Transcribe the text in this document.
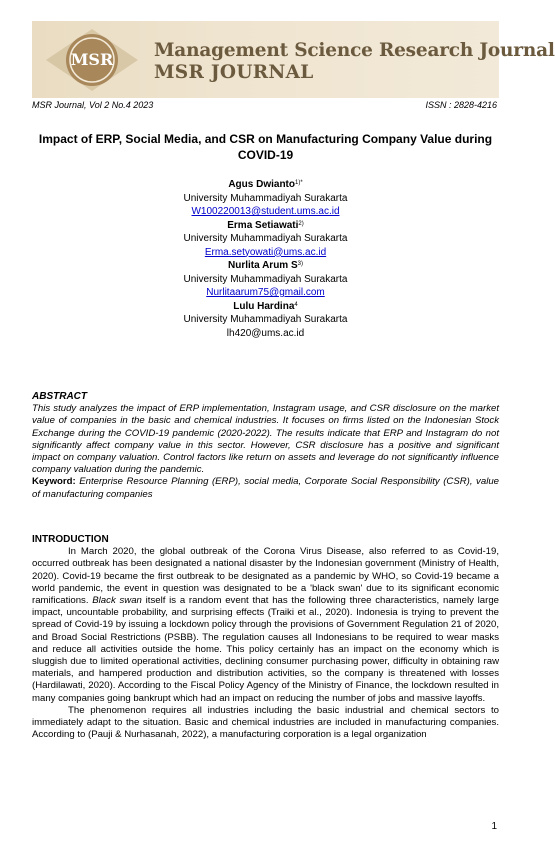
MSR Management Science Research Journal
MSR JOURNAL
MSR Journal, Vol 2 No.4 2023	ISSN : 2828-4216
Impact of ERP, Social Media, and CSR on Manufacturing Company Value during COVID-19
Agus Dwianto$^{1)*}$
University Muhammadiyah Surakarta
W100220013@student.ums.ac.id
Erma Setiawati$^{2)}$
University Muhammadiyah Surakarta
Erma.setyowati@ums.ac.id
Nurlita Arum $S^{3)}$
University Muhammadiyah Surakarta
Nurlitaarum75@gmail.com
Lulu Hardina$^4$
University Muhammadiyah Surakarta
lh420@ums.ac.id
ABSTRACT

This study analyzes the impact of ERP implementation, Instagram usage, and CSR disclosure on the market value of companies in the basic and chemical industries. It focuses on firms listed on the Indonesian Stock Exchange during the COVID-19 pandemic (2020-2022). The results indicate that ERP and Instagram do not significantly affect company value in this sector. However, CSR disclosure has a positive and significant impact on company valuation. Control factors like return on assets and leverage do not significantly influence company valuation during the pandemic.

Keyword: Enterprise Resource Planning (ERP), social media, Corporate Social Responsibility (CSR), value of manufacturing companies
INTRODUCTION

In March 2020, the global outbreak of the Corona Virus Disease, also referred to as Covid-19, occurred outbreak has been designated a national disaster by the Indonesian government (Ministry of Health, 2020). Covid-19 became the first outbreak to be designated as a pandemic by WHO, so Covid-19 became a world pandemic, the event in question was designated to be a 'black swan' due to its significant economic ramifications. Black swan itself is a random event that has the following three characteristics, namely large impact, uncountable probability, and surprising effects (Traiki et al., 2020). Indonesia is trying to prevent the spread of Covid-19 by issuing a lockdown policy through the provisions of Government Regulation 21 of 2020, and Broad Social Restrictions (PSBB). The regulation causes all Indonesians to be required to wear masks and reduce all activities outside the home. This policy certainly has an impact on the economy which is sluggish due to limited operational activities, declining consumer purchasing power, difficulty in obtaining raw materials, and hampered production and distribution activities, so the company is threatened with losses (Hardilawati, 2020). According to the Fiscal Policy Agency of the Ministry of Finance, the lockdown resulted in many companies going bankrupt which had an impact on reducing the number of jobs and massive layoffs.

The phenomenon requires all industries including the basic industrial and chemical sectors to immediately adapt to the situation. Basic and chemical industries are included in manufacturing companies. According to (Pauji & Nurhasanah, 2022), a manufacturing corporation is a legal organization

1
